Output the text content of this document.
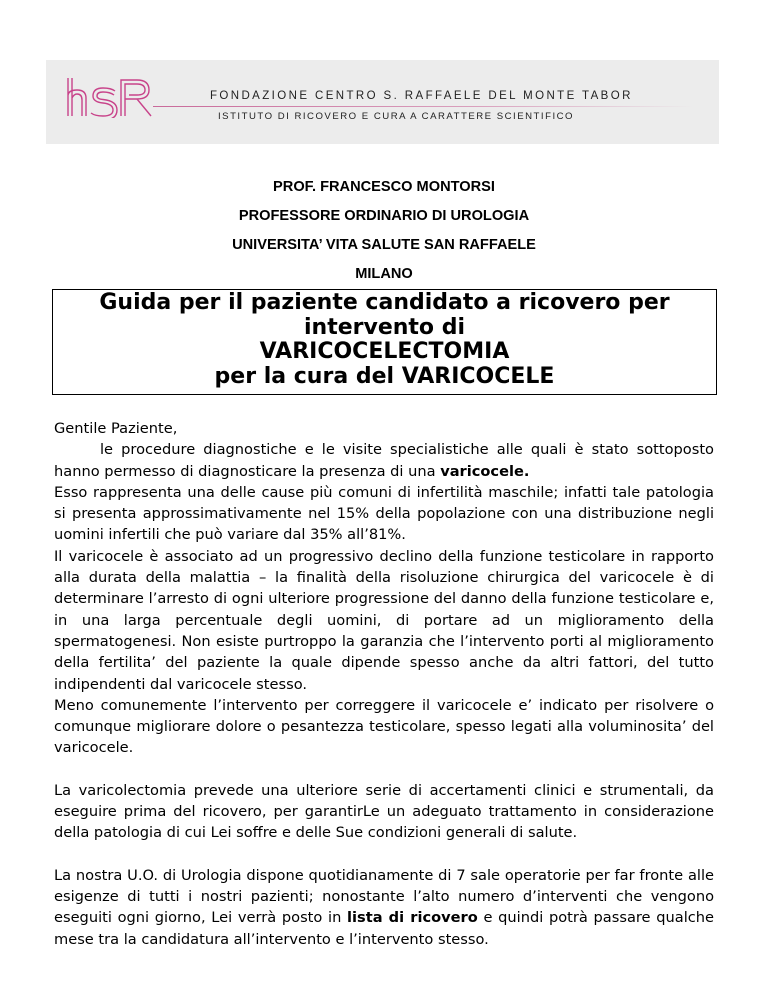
FONDAZIONE CENTRO S. RAFFAELE DEL MONTE TABOR
ISTITUTO DI RICOVERO E CURA A CARATTERE SCIENTIFICO
PROF. FRANCESCO MONTORSI
PROFESSORE ORDINARIO DI UROLOGIA
UNIVERSITA’ VITA SALUTE SAN RAFFAELE
MILANO
Guida per il paziente candidato a ricovero per
intervento di
VARICOCELECTOMIA
per la cura del VARICOCELE

Gentile Paziente,

le procedure diagnostiche e le visite specialistiche alle quali è stato sottoposto hanno permesso di diagnosticare la presenza di una varicocele.

Esso rappresenta una delle cause più comuni di infertilità maschile; infatti tale patologia si presenta approssimativamente nel 15% della popolazione con una distribuzione negli uomini infertili che può variare dal 35% all’81%.

Il varicocele è associato ad un progressivo declino della funzione testicolare in rapporto alla durata della malattia – la finalità della risoluzione chirurgica del varicocele è di determinare l’arresto di ogni ulteriore progressione del danno della funzione testicolare e, in una larga percentuale degli uomini, di portare ad un miglioramento della spermatogenesi. Non esiste purtroppo la garanzia che l’intervento porti al miglioramento della fertilita’ del paziente la quale dipende spesso anche da altri fattori, del tutto indipendenti dal varicocele stesso.

Meno comunemente l’intervento per correggere il varicocele e’ indicato per risolvere o comunque migliorare dolore o pesantezza testicolare, spesso legati alla voluminosita’ del varicocele.

La varicolectomia prevede una ulteriore serie di accertamenti clinici e strumentali, da eseguire prima del ricovero, per garantirLe un adeguato trattamento in considerazione della patologia di cui Lei soffre e delle Sue condizioni generali di salute.

La nostra U.O. di Urologia dispone quotidianamente di 7 sale operatorie per far fronte alle esigenze di tutti i nostri pazienti; nonostante l’alto numero d’interventi che vengono eseguiti ogni giorno, Lei verrà posto in lista di ricovero e quindi potrà passare qualche mese tra la candidatura all’intervento e l’intervento stesso.
